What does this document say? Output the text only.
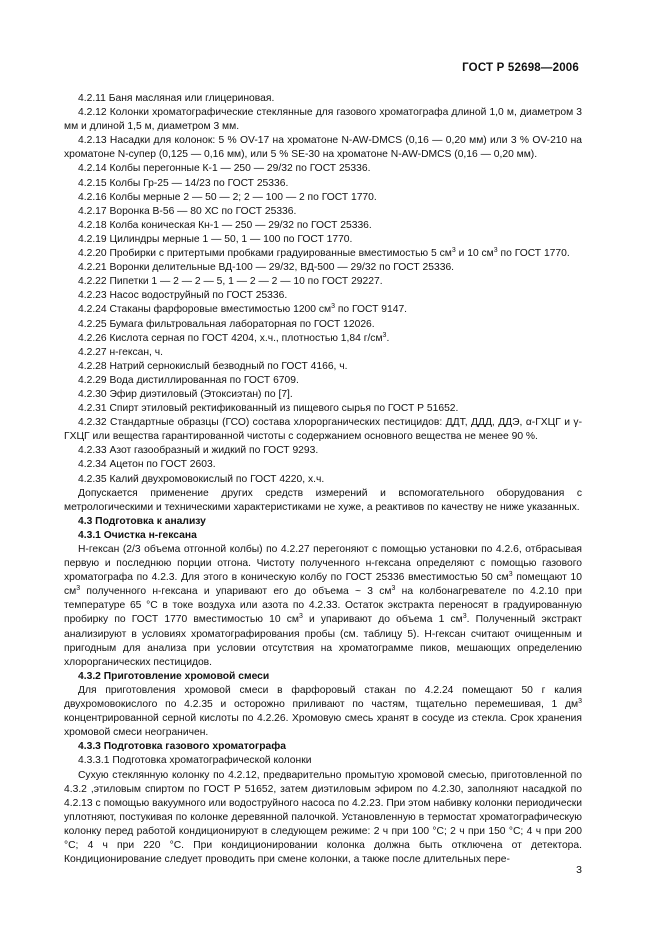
ГОСТ Р 52698—2006

4.2.11 Баня масляная или глицериновая.

4.2.12 Колонки хроматографические стеклянные для газового хроматографа длиной 1,0 м, диаметром 3 мм и длиной 1,5 м, диаметром 3 мм.

4.2.13 Насадки для колонок: 5 % OV-17 на хроматоне N-AW-DMCS (0,16 — 0,20 мм) или 3 % OV-210 на хроматоне N-супер (0,125 — 0,16 мм), или 5 % SE-30 на хроматоне N-AW-DMCS (0,16 — 0,20 мм).

4.2.14 Колбы перегонные К-1 — 250 — 29/32 по ГОСТ 25336.

4.2.15 Колбы Гр-25 — 14/23 по ГОСТ 25336.

4.2.16 Колбы мерные 2 — 50 — 2; 2 — 100 — 2 по ГОСТ 1770.

4.2.17 Воронка В-56 — 80 ХС по ГОСТ 25336.

4.2.18 Колба коническая Кн-1 — 250 — 29/32 по ГОСТ 25336.

4.2.19 Цилиндры мерные 1 — 50, 1 — 100 по ГОСТ 1770.

4.2.20 Пробирки с притертыми пробками градуированные вместимостью 5 $см^3$ и 10 $см^3$ по ГОСТ 1770.

4.2.21 Воронки делительные ВД-100 — 29/32, ВД-500 — 29/32 по ГОСТ 25336.

4.2.22 Пипетки 1 — 2 — 2 — 5, 1 — 2 — 2 — 10 по ГОСТ 29227.

4.2.23 Насос водоструйный по ГОСТ 25336.

4.2.24 Стаканы фарфоровые вместимостью 1200 $см^3$ по ГОСТ 9147.

4.2.25 Бумага фильтровальная лабораторная по ГОСТ 12026.

4.2.26 Кислота серная по ГОСТ 4204, х.ч., плотностью 1,84 $г/см^3$.

4.2.27 н-гексан, ч.

4.2.28 Натрий сернокислый безводный по ГОСТ 4166, ч.

4.2.29 Вода дистиллированная по ГОСТ 6709.

4.2.30 Эфир диэтиловый (Этоксиэтан) по [7].

4.2.31 Спирт этиловый ректификованный из пищевого сырья по ГОСТ Р 51652.

4.2.32 Стандартные образцы (ГСО) состава хлорорганических пестицидов: ДДТ, ДДД, ДДЭ, α-ГХЦГ и γ-ГХЦГ или вещества гарантированной чистоты с содержанием основного вещества не менее 90 %.

4.2.33 Азот газообразный и жидкий по ГОСТ 9293.

4.2.34 Ацетон по ГОСТ 2603.

4.2.35 Калий двухромовокислый по ГОСТ 4220, х.ч.

Допускается применение других средств измерений и вспомогательного оборудования с метрологическими и техническими характеристиками не хуже, а реактивов по качеству не ниже указанных.

4.3 Подготовка к анализу

4.3.1 Очистка н-гексана

Н-гексан (2/3 объема отгонной колбы) по 4.2.27 перегоняют с помощью установки по 4.2.6, отбрасывая первую и последнюю порции отгона. Чистоту полученного н-гексана определяют с помощью газового хроматографа по 4.2.3. Для этого в коническую колбу по ГОСТ 25336 вместимостью 50 $см^3$ помещают 10 $см^3$ полученного н-гексана и упаривают его до объема ~ 3 $см^3$ на колбонагревателе по 4.2.10 при температуре 65 °С в токе воздуха или азота по 4.2.33. Остаток экстракта переносят в градуированную пробирку по ГОСТ 1770 вместимостью 10 $см^3$ и упаривают до объема 1 $см^3$. Полученный экстракт анализируют в условиях хроматографирования пробы (см. таблицу 5). Н-гексан считают очищенным и пригодным для анализа при условии отсутствия на хроматограмме пиков, мешающих определению хлорорганических пестицидов.

4.3.2 Приготовление хромовой смеси

Для приготовления хромовой смеси в фарфоровый стакан по 4.2.24 помещают 50 г калия двухромовокислого по 4.2.35 и осторожно приливают по частям, тщательно перемешивая, 1 $дм^3$ концентрированной серной кислоты по 4.2.26. Хромовую смесь хранят в сосуде из стекла. Срок хранения хромовой смеси неограничен.

4.3.3 Подготовка газового хроматографа

4.3.3.1 Подготовка хроматографической колонки

Сухую стеклянную колонку по 4.2.12, предварительно промытую хромовой смесью, приготовленной по 4.3.2 ,этиловым спиртом по ГОСТ Р 51652, затем диэтиловым эфиром по 4.2.30, заполняют насадкой по 4.2.13 с помощью вакуумного или водоструйного насоса по 4.2.23. При этом набивку колонки периодически уплотняют, постукивая по колонке деревянной палочкой. Установленную в термостат хроматографическую колонку перед работой кондиционируют в следующем режиме: 2 ч при 100 °С; 2 ч при 150 °С; 4 ч при 200 °С; 4 ч при 220 °С. При кондиционировании колонка должна быть отключена от детектора. Кондиционирование следует проводить при смене колонки, а также после длительных пере-

3
